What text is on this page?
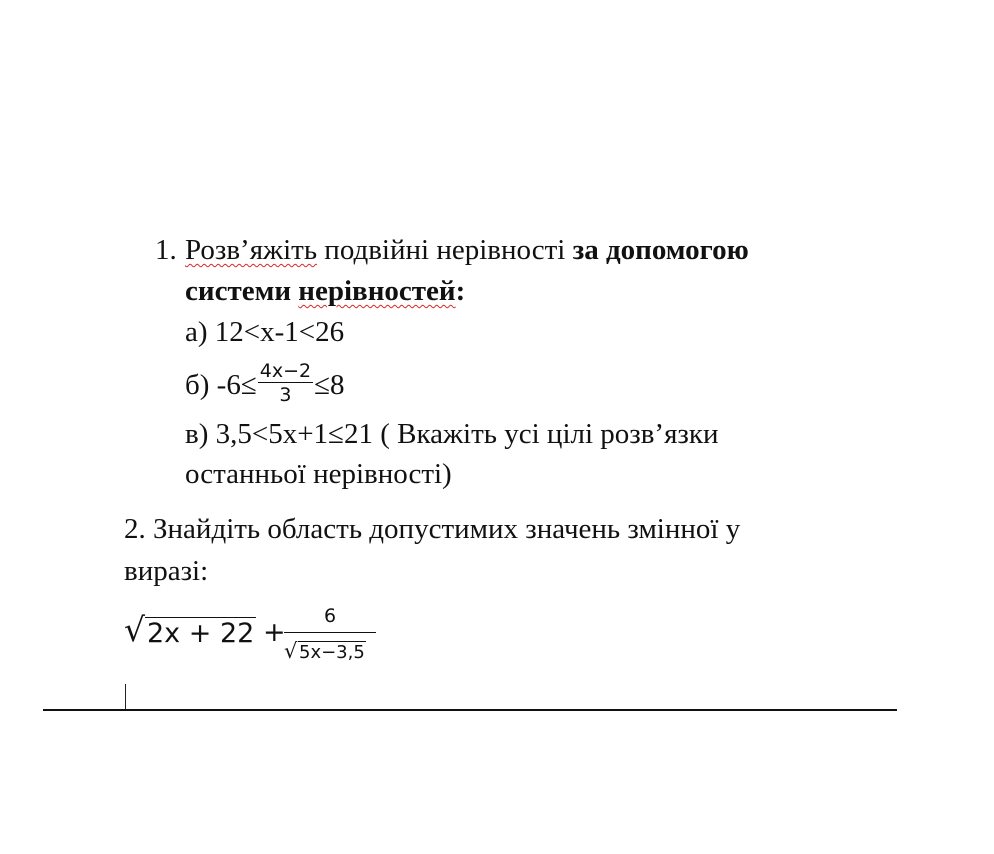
1. Розв’яжіть подвійні нерівності за допомогою
системи нерівностей:
а) 12<x-1<26
б) $-6\le \frac{4x-2}{3} \le 8$
в) 3,5<5x+1≤21 ( Вкажіть усі цілі розв’язки
останньої нерівності)
2. Знайдіть область допустимих значень змінної у
виразі:
√ 2x + 22 +
6
√ 5x−3,5
